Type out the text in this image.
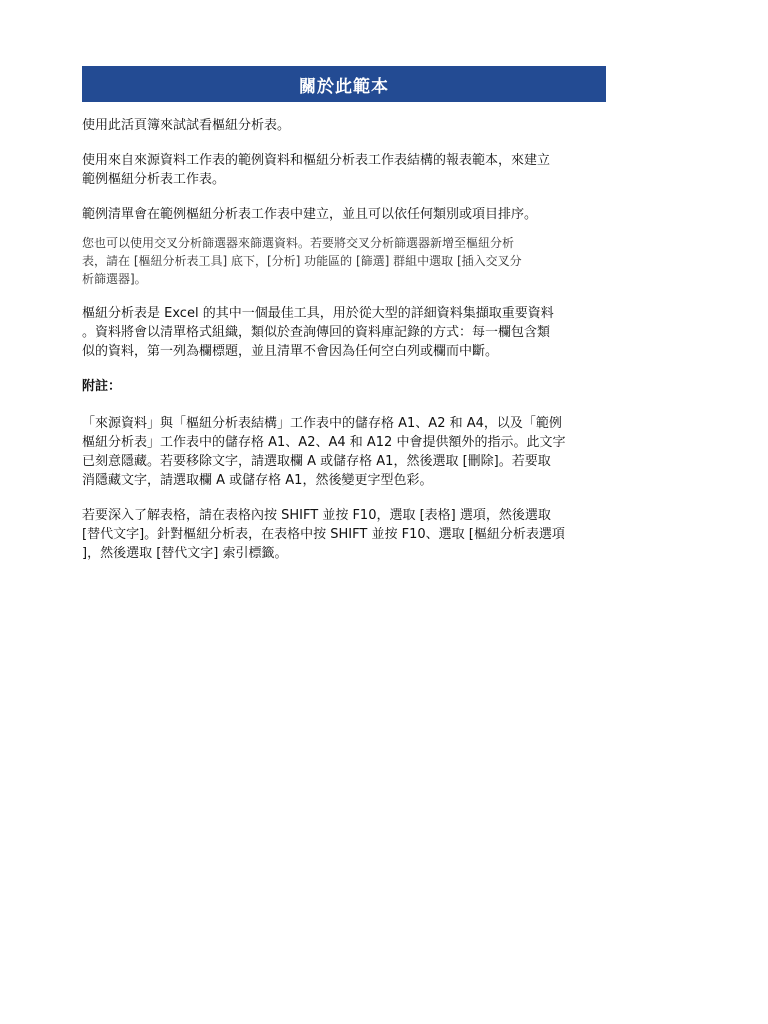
關於此範本

使用此活頁簿來試試看樞紐分析表。

使用來自來源資料工作表的範例資料和樞紐分析表工作表結構的報表範本，來建立
範例樞紐分析表工作表。

範例清單會在範例樞紐分析表工作表中建立，並且可以依任何類別或項目排序。

您也可以使用交叉分析篩選器來篩選資料。若要將交叉分析篩選器新增至樞紐分析
表，請在 [樞紐分析表工具] 底下，[分析] 功能區的 [篩選] 群組中選取 [插入交叉分
析篩選器]。

樞紐分析表是 Excel 的其中一個最佳工具，用於從大型的詳細資料集擷取重要資料
。資料將會以清單格式組織，類似於查詢傳回的資料庫記錄的方式：每一欄包含類
似的資料，第一列為欄標題，並且清單不會因為任何空白列或欄而中斷。

附註：

「來源資料」與「樞紐分析表結構」工作表中的儲存格 A1、A2 和 A4，以及「範例
樞紐分析表」工作表中的儲存格 A1、A2、A4 和 A12 中會提供額外的指示。此文字
已刻意隱藏。若要移除文字，請選取欄 A 或儲存格 A1，然後選取 [刪除]。若要取
消隱藏文字，請選取欄 A 或儲存格 A1，然後變更字型色彩。

若要深入了解表格，請在表格內按 SHIFT 並按 F10，選取 [表格] 選項，然後選取
[替代文字]。針對樞紐分析表，在表格中按 SHIFT 並按 F10、選取 [樞紐分析表選項
]，然後選取 [替代文字] 索引標籤。
